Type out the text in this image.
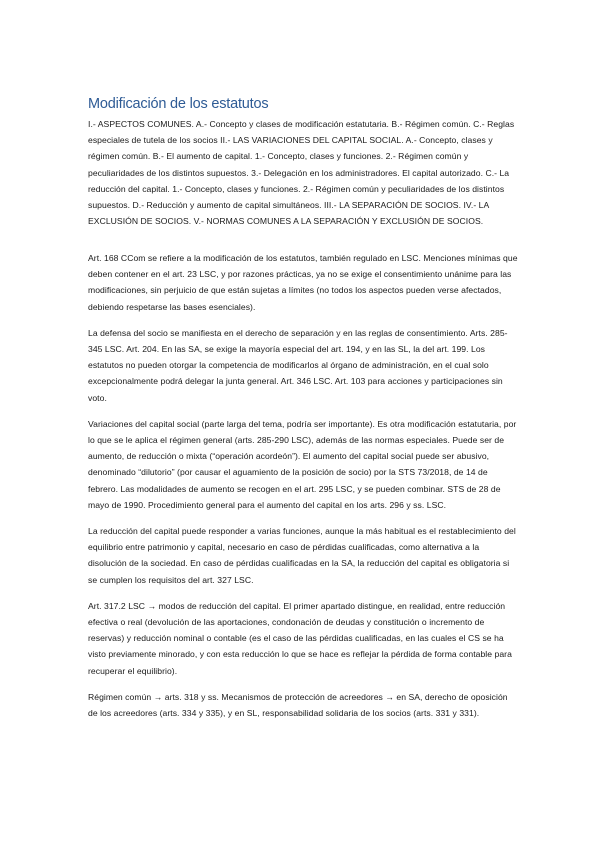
Modificación de los estatutos
I.- ASPECTOS COMUNES. A.- Concepto y clases de modificación estatutaria. B.- Régimen común. C.- Reglas especiales de tutela de los socios II.- LAS VARIACIONES DEL CAPITAL SOCIAL. A.- Concepto, clases y régimen común. B.- El aumento de capital. 1.- Concepto, clases y funciones. 2.- Régimen común y peculiaridades de los distintos supuestos. 3.- Delegación en los administradores. El capital autorizado. C.- La reducción del capital. 1.- Concepto, clases y funciones. 2.- Régimen común y peculiaridades de los distintos supuestos. D.- Reducción y aumento de capital simultáneos. III.- LA SEPARACIÓN DE SOCIOS. IV.- LA EXCLUSIÓN DE SOCIOS. V.- NORMAS COMUNES A LA SEPARACIÓN Y EXCLUSIÓN DE SOCIOS.

Art. 168 CCom se refiere a la modificación de los estatutos, también regulado en LSC. Menciones mínimas que deben contener en el art. 23 LSC, y por razones prácticas, ya no se exige el consentimiento unánime para las modificaciones, sin perjuicio de que están sujetas a límites (no todos los aspectos pueden verse afectados, debiendo respetarse las bases esenciales).

La defensa del socio se manifiesta en el derecho de separación y en las reglas de consentimiento. Arts. 285-345 LSC. Art. 204. En las SA, se exige la mayoría especial del art. 194, y en las SL, la del art. 199. Los estatutos no pueden otorgar la competencia de modificarlos al órgano de administración, en el cual solo excepcionalmente podrá delegar la junta general. Art. 346 LSC. Art. 103 para acciones y participaciones sin voto.

Variaciones del capital social (parte larga del tema, podría ser importante). Es otra modificación estatutaria, por lo que se le aplica el régimen general (arts. 285-290 LSC), además de las normas especiales. Puede ser de aumento, de reducción o mixta (“operación acordeón”). El aumento del capital social puede ser abusivo, denominado “dilutorio” (por causar el aguamiento de la posición de socio) por la STS 73/2018, de 14 de febrero. Las modalidades de aumento se recogen en el art. 295 LSC, y se pueden combinar. STS de 28 de mayo de 1990. Procedimiento general para el aumento del capital en los arts. 296 y ss. LSC.

La reducción del capital puede responder a varias funciones, aunque la más habitual es el restablecimiento del equilibrio entre patrimonio y capital, necesario en caso de pérdidas cualificadas, como alternativa a la disolución de la sociedad. En caso de pérdidas cualificadas en la SA, la reducción del capital es obligatoria si se cumplen los requisitos del art. 327 LSC.

Art. 317.2 LSC → modos de reducción del capital. El primer apartado distingue, en realidad, entre reducción efectiva o real (devolución de las aportaciones, condonación de deudas y constitución o incremento de reservas) y reducción nominal o contable (es el caso de las pérdidas cualificadas, en las cuales el CS se ha visto previamente minorado, y con esta reducción lo que se hace es reflejar la pérdida de forma contable para recuperar el equilibrio).

Régimen común → arts. 318 y ss. Mecanismos de protección de acreedores → en SA, derecho de oposición de los acreedores (arts. 334 y 335), y en SL, responsabilidad solidaria de los socios (arts. 331 y 331).
